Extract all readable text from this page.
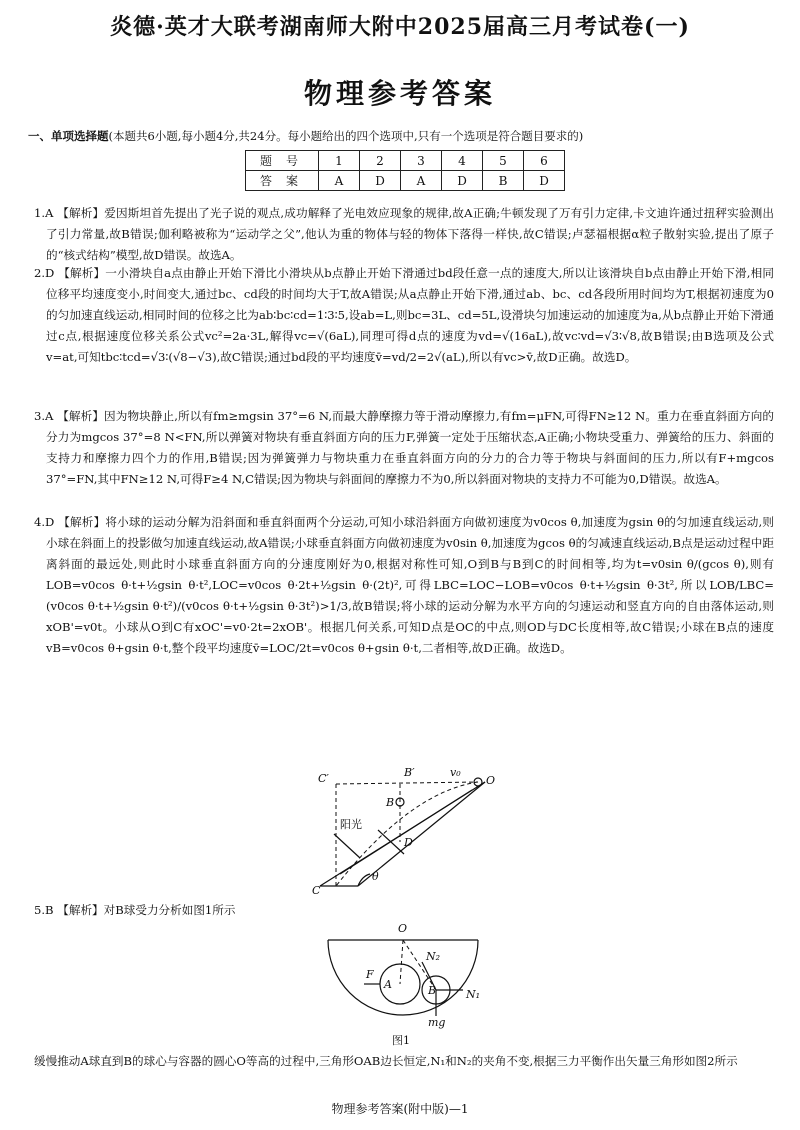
炎德·英才大联考湖南师大附中2025届高三月考试卷(一)
物理参考答案
一、单项选择题(本题共6小题,每小题4分,共24分。每小题给出的四个选项中,只有一个选项是符合题目要求的)
题号	1	2	3	4	5	6
答案	A	D	A	D	B	D
1.A 【解析】爱因斯坦首先提出了光子说的观点,成功解释了光电效应现象的规律,故A正确;牛顿发现了万有引力定律,卡文迪许通过扭秤实验测出了引力常量,故B错误;伽利略被称为“运动学之父”,他认为重的物体与轻的物体下落得一样快,故C错误;卢瑟福根据α粒子散射实验,提出了原子的“核式结构”模型,故D错误。故选A。
2.D 【解析】一小滑块自a点由静止开始下滑比小滑块从b点静止开始下滑通过bd段任意一点的速度大,所以让该滑块自b点由静止开始下滑,相同位移平均速度变小,时间变大,通过bc、cd段的时间均大于T,故A错误;从a点静止开始下滑,通过ab、bc、cd各段所用时间均为T,根据初速度为0的匀加速直线运动,相同时间的位移之比为ab∶bc∶cd=1∶3∶5,设ab=L,则bc=3L、cd=5L,设滑块匀加速运动的加速度为a,从b点静止开始下滑通过c点,根据速度位移关系公式vc²=2a·3L,解得vc=√(6aL),同理可得d点的速度为vd=√(16aL),故vc∶vd=√3∶√8,故B错误;由B选项及公式v=at,可知tbc∶tcd=√3∶(√8−√3),故C错误;通过bd段的平均速度v̄=vd/2=2√(aL),所以有vc>v̄,故D正确。故选D。
3.A 【解析】因为物块静止,所以有fm≥mgsin 37°=6 N,而最大静摩擦力等于滑动摩擦力,有fm=μFN,可得FN≥12 N。重力在垂直斜面方向的分力为mgcos 37°=8 N<FN,所以弹簧对物块有垂直斜面方向的压力F,弹簧一定处于压缩状态,A正确;小物块受重力、弹簧给的压力、斜面的支持力和摩擦力四个力的作用,B错误;因为弹簧弹力与物块重力在垂直斜面方向的分力的合力等于物块与斜面间的压力,所以有F+mgcos 37°=FN,其中FN≥12 N,可得F≥4 N,C错误;因为物块与斜面间的摩擦力不为0,所以斜面对物块的支持力不可能为0,D错误。故选A。
4.D 【解析】将小球的运动分解为沿斜面和垂直斜面两个分运动,可知小球沿斜面方向做初速度为v0cos θ,加速度为gsin θ的匀加速直线运动,则小球在斜面上的投影做匀加速直线运动,故A错误;小球垂直斜面方向做初速度为v0sin θ,加速度为gcos θ的匀减速直线运动,B点是运动过程中距离斜面的最远处,则此时小球垂直斜面方向的分速度刚好为0,根据对称性可知,O到B与B到C的时间相等,均为t=v0sin θ/(gcos θ),则有LOB=v0cos θ·t+½gsin θ·t²,LOC=v0cos θ·2t+½gsin θ·(2t)²,可得LBC=LOC−LOB=v0cos θ·t+½gsin θ·3t²,所以LOB/LBC=(v0cos θ·t+½gsin θ·t²)/(v0cos θ·t+½gsin θ·3t²)>1/3,故B错误;将小球的运动分解为水平方向的匀速运动和竖直方向的自由落体运动,则xOB'=v0t。小球从O到C有xOC'=v0·2t=2xOB'。根据几何关系,可知D点是OC的中点,则OD与DC长度相等,故C错误;小球在B点的速度vB=v0cos θ+gsin θ·t,整个段平均速度v̄=LOC/2t=v0cos θ+gsin θ·t,二者相等,故D正确。故选D。
C′	B′	v₀
O
B
阳光
D
C
θ
5.B 【解析】对B球受力分析如图1所示
O
N₂
F
A	B	N₁
mg
图1
缓慢推动A球直到B的球心与容器的圆心O等高的过程中,三角形OAB边长恒定,N₁和N₂的夹角不变,根据三力平衡作出矢量三角形如图2所示
物理参考答案(附中版)—1
